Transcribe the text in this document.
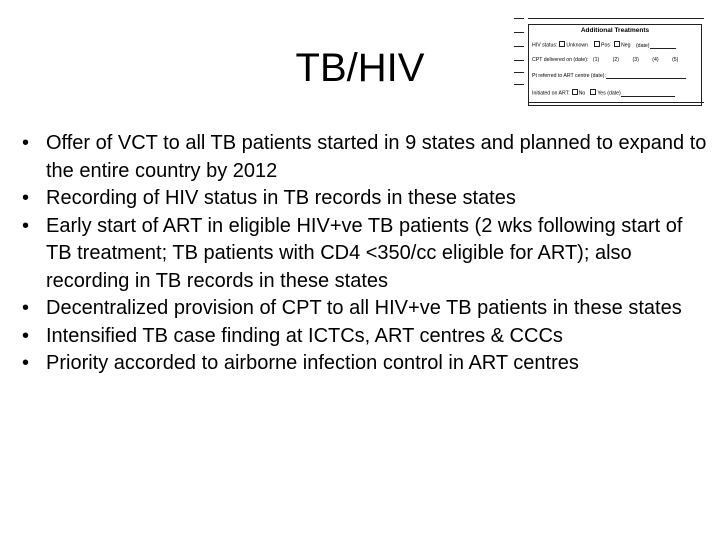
TB/HIV
Additional Treatments
HIV status: Unknown	Pos Neg (date)
CPT delivered on (date): (1)	(2)	(3)	(4)	(5)
Pt referred to ART centre (date):
Initiated on ART: No Yes (date)
• Offer of VCT to all TB patients started in 9 states and planned to expand to the entire country by 2012
• Recording of HIV status in TB records in these states
• Early start of ART in eligible HIV+ve TB patients (2 wks following start of TB treatment; TB patients with CD4 <350/cc eligible for ART); also recording in TB records in these states
• Decentralized provision of CPT to all HIV+ve TB patients in these states
• Intensified TB case finding at ICTCs, ART centres & CCCs
• Priority accorded to airborne infection control in ART centres
